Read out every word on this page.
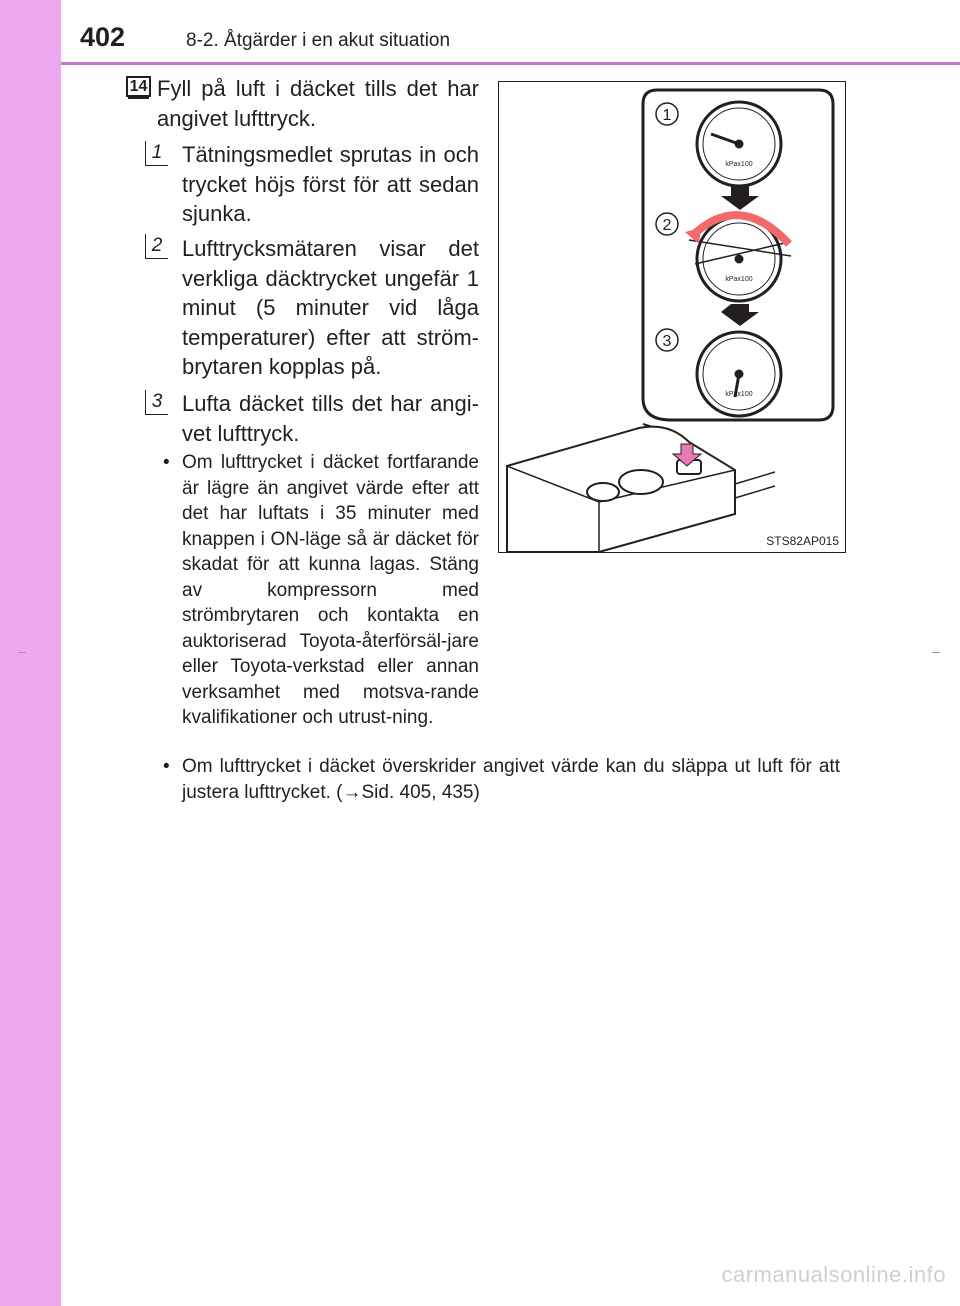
402	8-2. Åtgärder i en akut situation
14 Fyll på luft i däcket tills det har angivet lufttryck.
1 Tätningsmedlet sprutas in och trycket höjs först för att sedan sjunka.
2 Lufttrycksmätaren visar det verkliga däcktrycket ungefär 1 minut (5 minuter vid låga temperaturer) efter att ström-brytaren kopplas på.
3 Lufta däcket tills det har angi-vet lufttryck.
• Om lufttrycket i däcket fortfarande är lägre än angivet värde efter att det har luftats i 35 minuter med knappen i ON-läge så är däcket för skadat för att kunna lagas. Stäng av kompressorn med strömbrytaren och kontakta en auktoriserad Toyota-återförsäl-jare eller Toyota-verkstad eller annan verksamhet med motsva-rande kvalifikationer och utrust-ning.
• Om lufttrycket i däcket överskrider angivet värde kan du släppa ut luft för att justera lufttrycket. (→Sid. 405, 435)
1
2
3
kPax100
kPax100
kPax100
STS82AP015
carmanualsonline.info
